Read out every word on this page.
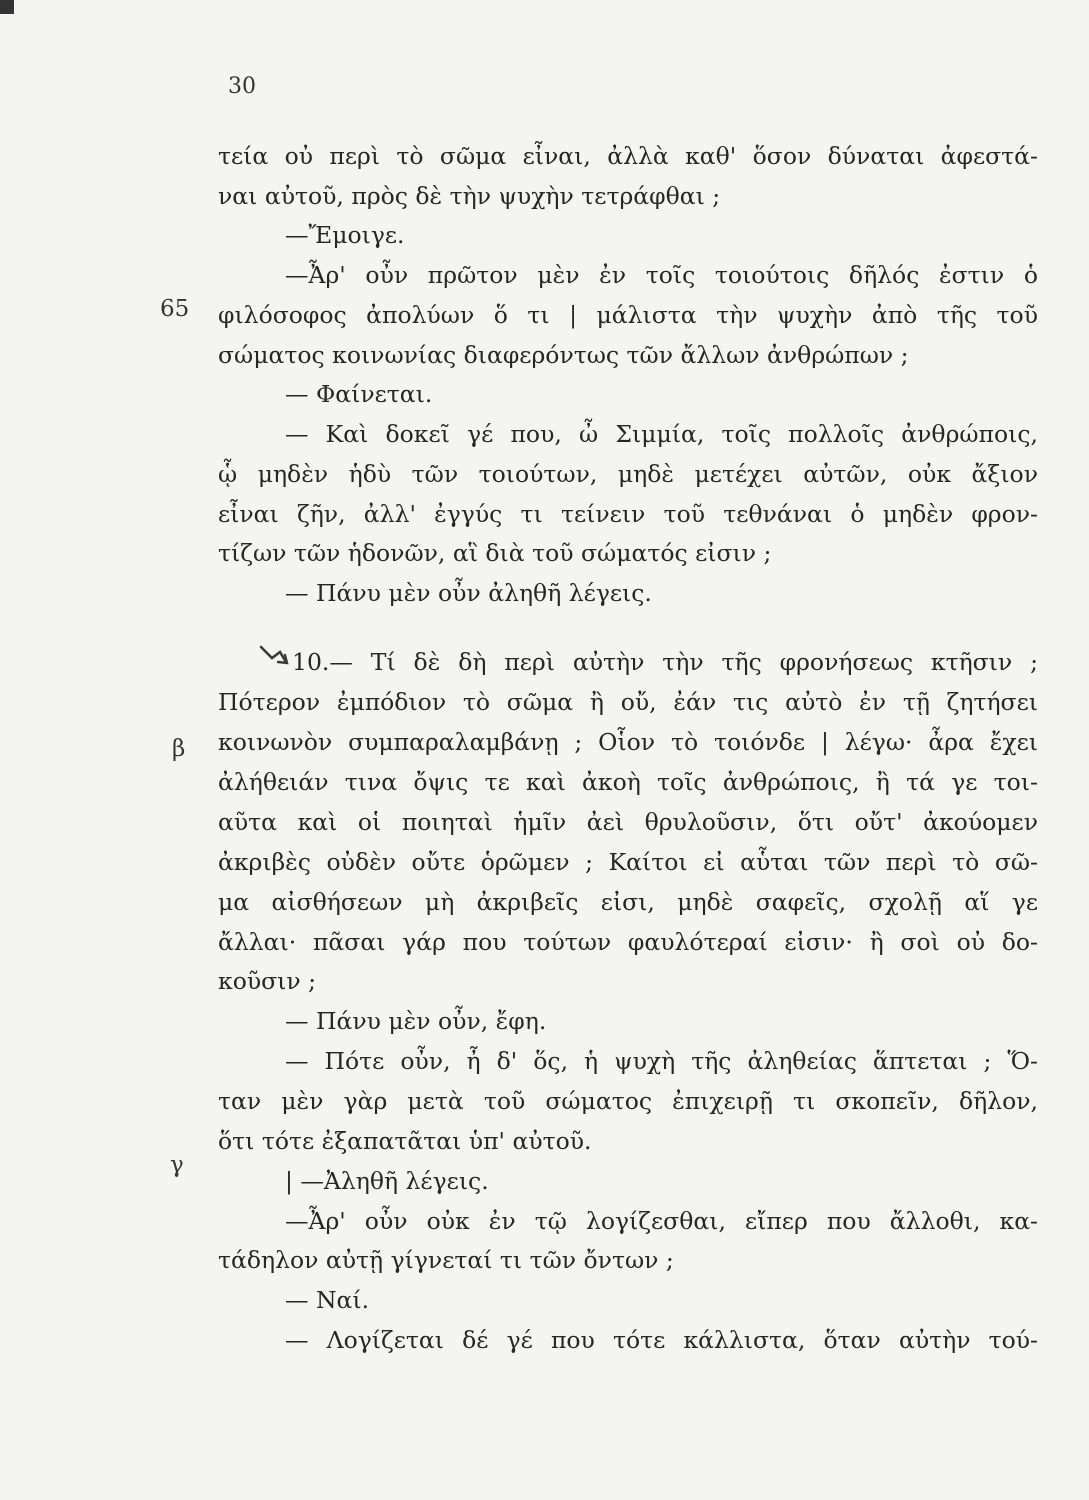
30
65
β
γ
τεία οὐ περὶ τὸ σῶμα εἶναι, ἀλλὰ καθ' ὅσον δύναται ἀφεστά-
ναι αὐτοῦ, πρὸς δὲ τὴν ψυχὴν τετράφθαι ;
—Ἔμοιγε.
—Ἆρ' οὖν πρῶτον μὲν ἐν τοῖς τοιούτοις δῆλός ἐστιν ὁ
φιλόσοφος ἀπολύων ὅ τι | μάλιστα τὴν ψυχὴν ἀπὸ τῆς τοῦ
σώματος κοινωνίας διαφερόντως τῶν ἄλλων ἀνθρώπων ;
— Φαίνεται.
— Καὶ δοκεῖ γέ που, ὦ Σιμμία, τοῖς πολλοῖς ἀνθρώποις,
ᾧ μηδὲν ἡδὺ τῶν τοιούτων, μηδὲ μετέχει αὐτῶν, οὐκ ἄξιον
εἶναι ζῆν, ἀλλ' ἐγγύς τι τείνειν τοῦ τεθνάναι ὁ μηδὲν φρον-
τίζων τῶν ἡδονῶν, αἳ διὰ τοῦ σώματός εἰσιν ;
— Πάνυ μὲν οὖν ἀληθῆ λέγεις.
10.— Τί δὲ δὴ περὶ αὐτὴν τὴν τῆς φρονήσεως κτῆσιν ;
Πότερον ἐμπόδιον τὸ σῶμα ἢ οὔ, ἐάν τις αὐτὸ ἐν τῇ ζητήσει
κοινωνὸν συμπαραλαμβάνῃ ; Οἷον τὸ τοιόνδε | λέγω· ἆρα ἔχει
ἀλήθειάν τινα ὄψις τε καὶ ἀκοὴ τοῖς ἀνθρώποις, ἢ τά γε τοι-
αῦτα καὶ οἱ ποιηταὶ ἡμῖν ἀεὶ θρυλοῦσιν, ὅτι οὔτ' ἀκούομεν
ἀκριβὲς οὐδὲν οὔτε ὁρῶμεν ; Καίτοι εἰ αὗται τῶν περὶ τὸ σῶ-
μα αἰσθήσεων μὴ ἀκριβεῖς εἰσι, μηδὲ σαφεῖς, σχολῇ αἵ γε
ἄλλαι· πᾶσαι γάρ που τούτων φαυλότεραί εἰσιν· ἢ σοὶ οὐ δο-
κοῦσιν ;
— Πάνυ μὲν οὖν, ἔφη.
— Πότε οὖν, ἦ δ' ὅς, ἡ ψυχὴ τῆς ἀληθείας ἅπτεται ; Ὅ-
ταν μὲν γὰρ μετὰ τοῦ σώματος ἐπιχειρῇ τι σκοπεῖν, δῆλον,
ὅτι τότε ἐξαπατᾶται ὑπ' αὐτοῦ.
| —Ἀληθῆ λέγεις.
—Ἆρ' οὖν οὐκ ἐν τῷ λογίζεσθαι, εἴπερ που ἄλλοθι, κα-
τάδηλον αὐτῇ γίγνεταί τι τῶν ὄντων ;
— Ναί.
— Λογίζεται δέ γέ που τότε κάλλιστα, ὅταν αὐτὴν τού-
